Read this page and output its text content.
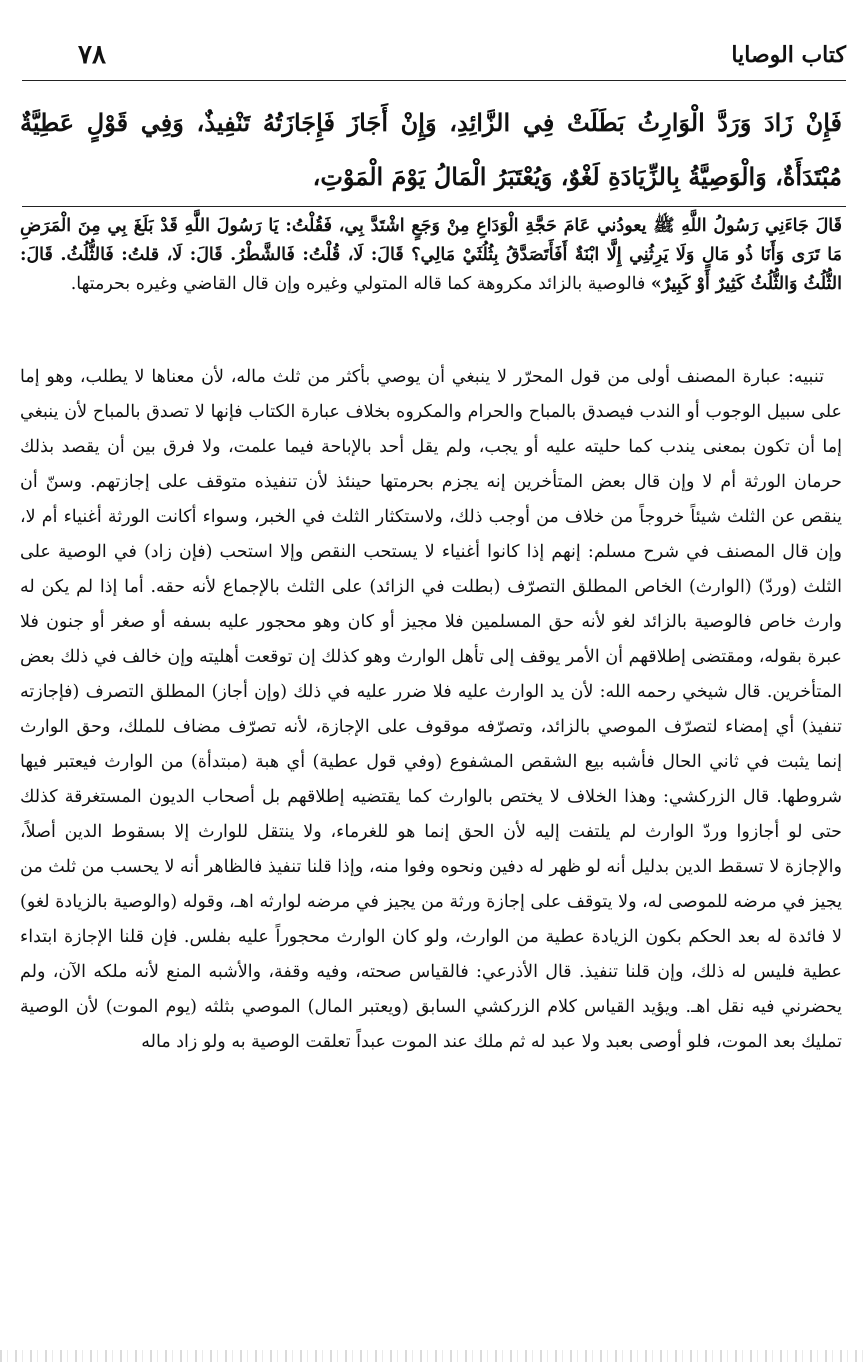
٧٨	كتاب الوصايا
فَإِنْ زَادَ وَرَدَّ الْوَارِثُ بَطَلَتْ فِي الزَّائِدِ، وَإِنْ أَجَازَ فَإِجَازَتُهُ تَنْفِيذٌ، وَفِي قَوْلٍ عَطِيَّةٌ مُبْتَدَأَةٌ، وَالْوَصِيَّةُ بِالزِّيَادَةِ لَغْوٌ، وَيُعْتَبَرُ الْمَالُ يَوْمَ الْمَوْتِ،
قَالَ جَاءَنِي رَسُولُ اللَّهِ ﷺ يعودُني عَامَ حَجَّةِ الْوَدَاعِ مِنْ وَجَعٍ اشْتَدَّ بِي، فَقُلْتُ: يَا رَسُولَ اللَّهِ قَدْ بَلَغَ بِي مِنَ الْمَرَضِ مَا تَرَى وَأَنَا ذُو مَالٍ وَلَا يَرِثُنِي إِلَّا ابْنَةٌ أَفَأَتَصَدَّقُ بِثُلُثَيْ مَالِي؟ قَالَ: لَا، قُلْتُ: فَالشَّطْرُ. قَالَ: لَا، قلتُ: فَالثُّلُثُ. قَالَ: الثُّلُثُ وَالثُّلُثُ كَثِيرٌ أَوْ كَبِيرٌ» فالوصية بالزائد مكروهة كما قاله المتولي وغيره وإن قال القاضي وغيره بحرمتها.

تنبيه: عبارة المصنف أولى من قول المحرّر لا ينبغي أن يوصي بأكثر من ثلث ماله، لأن معناها لا يطلب، وهو إما على سبيل الوجوب أو الندب فيصدق بالمباح والحرام والمكروه بخلاف عبارة الكتاب فإنها لا تصدق بالمباح لأن ينبغي إما أن تكون بمعنى يندب كما حليته عليه أو يجب، ولم يقل أحد بالإباحة فيما علمت، ولا فرق بين أن يقصد بذلك حرمان الورثة أم لا وإن قال بعض المتأخرين إنه يجزم بحرمتها حينئذ لأن تنفيذه متوقف على إجازتهم. وسنّ أن ينقص عن الثلث شيئاً خروجاً من خلاف من أوجب ذلك، ولاستكثار الثلث في الخبر، وسواء أكانت الورثة أغنياء أم لا، وإن قال المصنف في شرح مسلم: إنهم إذا كانوا أغنياء لا يستحب النقص وإلا استحب (فإن زاد) في الوصية على الثلث (وردّ) (الوارث) الخاص المطلق التصرّف (بطلت في الزائد) على الثلث بالإجماع لأنه حقه. أما إذا لم يكن له وارث خاص فالوصية بالزائد لغو لأنه حق المسلمين فلا مجيز أو كان وهو محجور عليه بسفه أو صغر أو جنون فلا عبرة بقوله، ومقتضى إطلاقهم أن الأمر يوقف إلى تأهل الوارث وهو كذلك إن توقعت أهليته وإن خالف في ذلك بعض المتأخرين. قال شيخي رحمه الله: لأن يد الوارث عليه فلا ضرر عليه في ذلك (وإن أجاز) المطلق التصرف (فإجازته تنفيذ) أي إمضاء لتصرّف الموصي بالزائد، وتصرّفه موقوف على الإجازة، لأنه تصرّف مضاف للملك، وحق الوارث إنما يثبت في ثاني الحال فأشبه بيع الشقص المشفوع (وفي قول عطية) أي هبة (مبتدأة) من الوارث فيعتبر فيها شروطها. قال الزركشي: وهذا الخلاف لا يختص بالوارث كما يقتضيه إطلاقهم بل أصحاب الديون المستغرقة كذلك حتى لو أجازوا وردّ الوارث لم يلتفت إليه لأن الحق إنما هو للغرماء، ولا ينتقل للوارث إلا بسقوط الدين أصلاً، والإجازة لا تسقط الدين بدليل أنه لو ظهر له دفين ونحوه وفوا منه، وإذا قلنا تنفيذ فالظاهر أنه لا يحسب من ثلث من يجيز في مرضه للموصى له، ولا يتوقف على إجازة ورثة من يجيز في مرضه لوارثه اهـ، وقوله (والوصية بالزيادة لغو) لا فائدة له بعد الحكم بكون الزيادة عطية من الوارث، ولو كان الوارث محجوراً عليه بفلس. فإن قلنا الإجازة ابتداء عطية فليس له ذلك، وإن قلنا تنفيذ. قال الأذرعي: فالقياس صحته، وفيه وقفة، والأشبه المنع لأنه ملكه الآن، ولم يحضرني فيه نقل اهـ. ويؤيد القياس كلام الزركشي السابق (ويعتبر المال) الموصي بثلثه (يوم الموت) لأن الوصية تمليك بعد الموت، فلو أوصى بعبد ولا عبد له ثم ملك عند الموت عبداً تعلقت الوصية به ولو زاد ماله
